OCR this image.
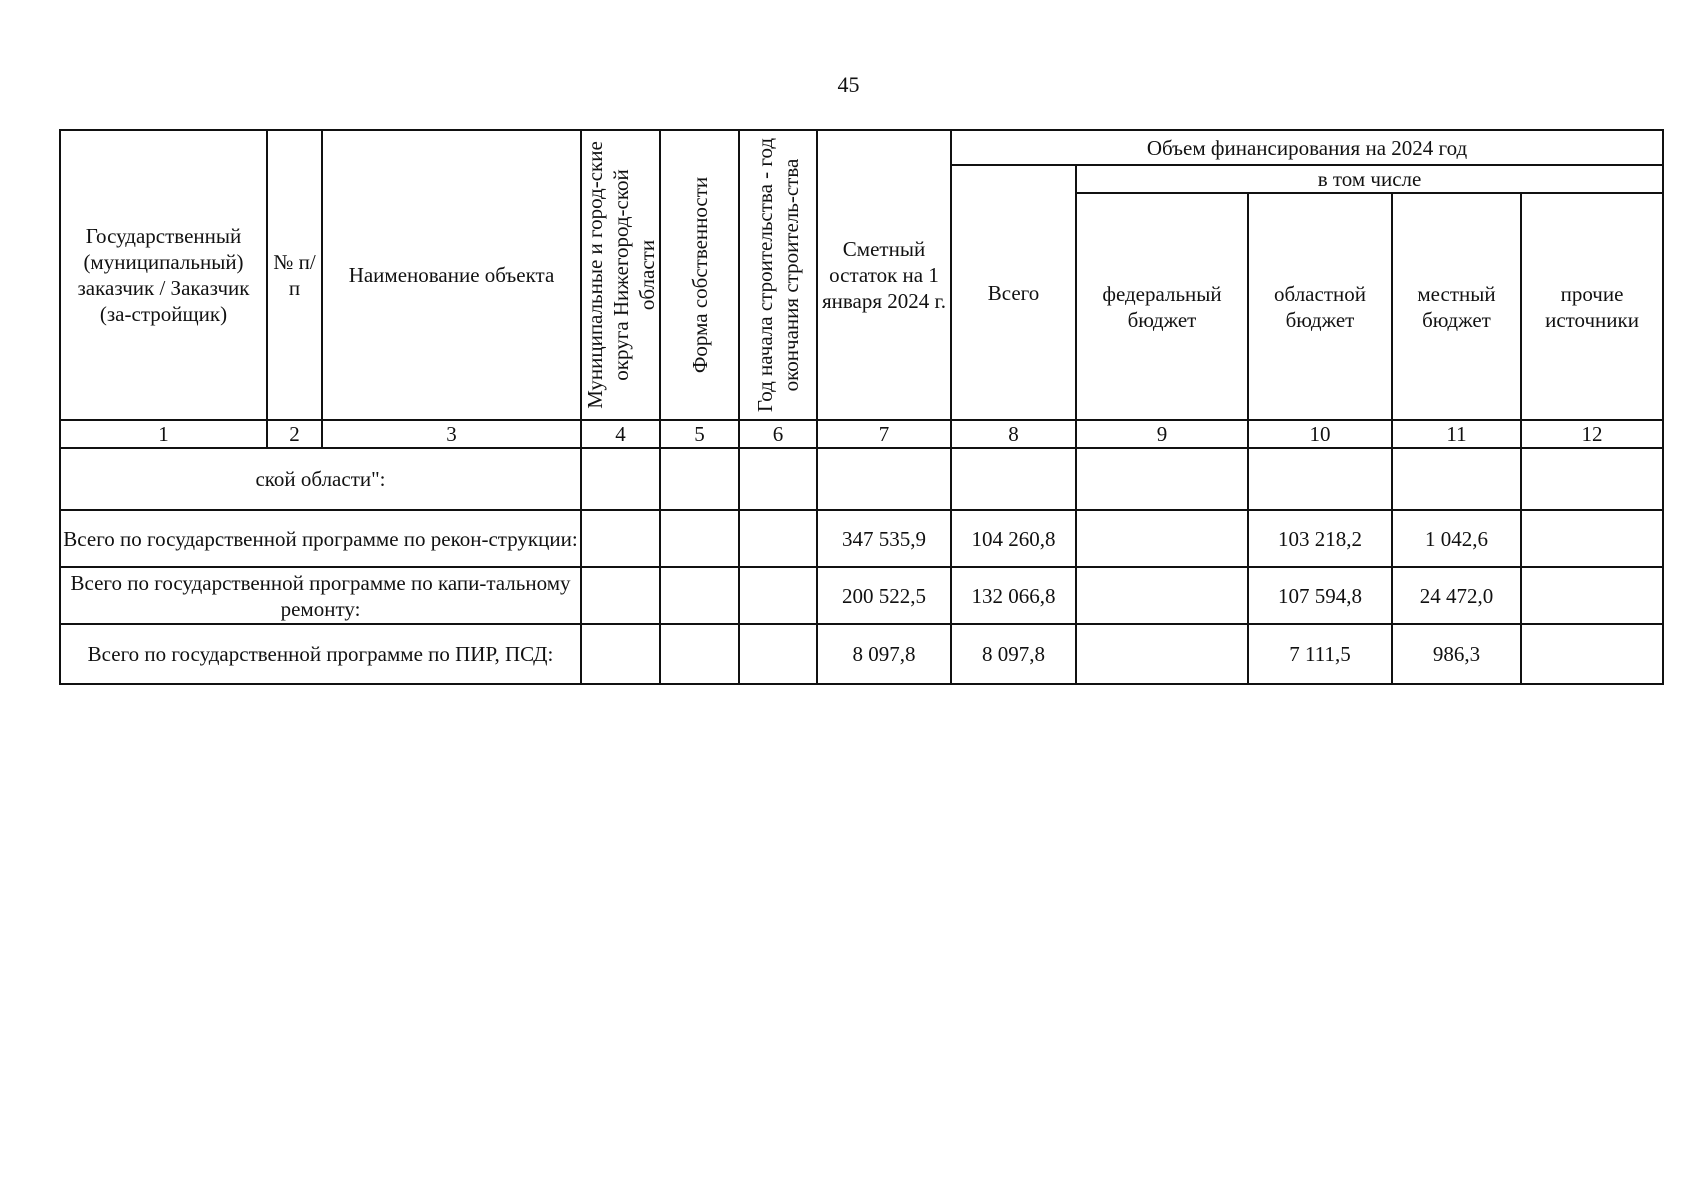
45
Государственный (муниципальный) заказчик / Заказчик (за-стройщик)	№ п/п	Наименование объекта	Муниципальные и город-ские округа Нижегород-ской области	Форма собственности	Год начала строительства - год окончания строитель-ства	Сметный остаток на 1 января 2024 г.	Объем финансирования на 2024 год				
							Всего	в том числе			

								федеральный бюджет	областной бюджет	местный бюджет	прочие источники

1	2	3	4	5	6	7	8	9	10	11	12
ской области":											
Всего по государственной программе по рекон-струкции:						347 535,9	104 260,8		103 218,2	1 042,6	
Всего по государственной программе по капи-тальному ремонту:						200 522,5	132 066,8		107 594,8	24 472,0	
Всего по государственной программе по ПИР, ПСД:						8 097,8	8 097,8		7 111,5	986,3	
